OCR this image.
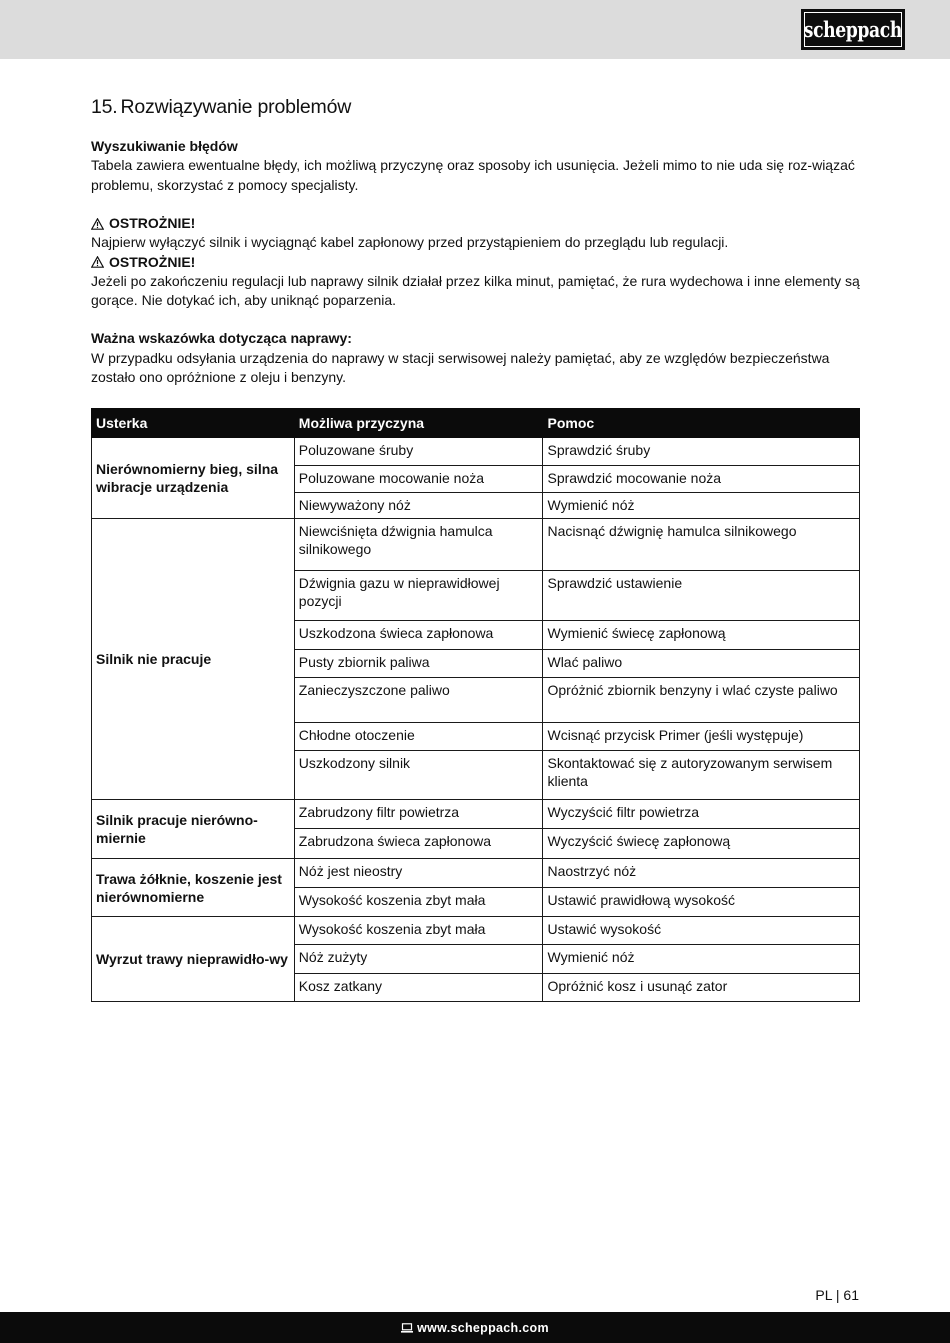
scheppach
15. Rozwiązywanie problemów
Wyszukiwanie błędów
Tabela zawiera ewentualne błędy, ich możliwą przyczynę oraz sposoby ich usunięcia. Jeżeli mimo to nie uda się roz-wiązać problemu, skorzystać z pomocy specjalisty.
OSTROŻNIE!
Najpierw wyłączyć silnik i wyciągnąć kabel zapłonowy przed przystąpieniem do przeglądu lub regulacji.
OSTROŻNIE!
Jeżeli po zakończeniu regulacji lub naprawy silnik działał przez kilka minut, pamiętać, że rura wydechowa i inne elementy są gorące. Nie dotykać ich, aby uniknąć poparzenia.
Ważna wskazówka dotycząca naprawy:
W przypadku odsyłania urządzenia do naprawy w stacji serwisowej należy pamiętać, aby ze względów bezpieczeństwa zostało ono opróżnione z oleju i benzyny.
Usterka	Możliwa przyczyna	Pomoc
Nierównomierny bieg, silna wibracje urządzenia	Poluzowane śruby	Sprawdzić śruby
	Poluzowane mocowanie noża	Sprawdzić mocowanie noża
	Niewyważony nóż	Wymienić nóż
Silnik nie pracuje	Niewciśnięta dźwignia hamulca silnikowego	Nacisnąć dźwignię hamulca silnikowego
	Dźwignia gazu w nieprawidłowej pozycji	Sprawdzić ustawienie
	Uszkodzona świeca zapłonowa	Wymienić świecę zapłonową
	Pusty zbiornik paliwa	Wlać paliwo
	Zanieczyszczone paliwo	Opróżnić zbiornik benzyny i wlać czyste paliwo
	Chłodne otoczenie	Wcisnąć przycisk Primer (jeśli występuje)
	Uszkodzony silnik	Skontaktować się z autoryzowanym serwisem klienta
Silnik pracuje nierówno-miernie	Zabrudzony filtr powietrza	Wyczyścić filtr powietrza
	Zabrudzona świeca zapłonowa	Wyczyścić świecę zapłonową
Trawa żółknie, koszenie jest nierównomierne	Nóż jest nieostry	Naostrzyć nóż
	Wysokość koszenia zbyt mała	Ustawić prawidłową wysokość
Wyrzut trawy nieprawidło-wy	Wysokość koszenia zbyt mała	Ustawić wysokość
	Nóż zużyty	Wymienić nóż
	Kosz zatkany	Opróżnić kosz i usunąć zator
PL | 61
www.scheppach.com
